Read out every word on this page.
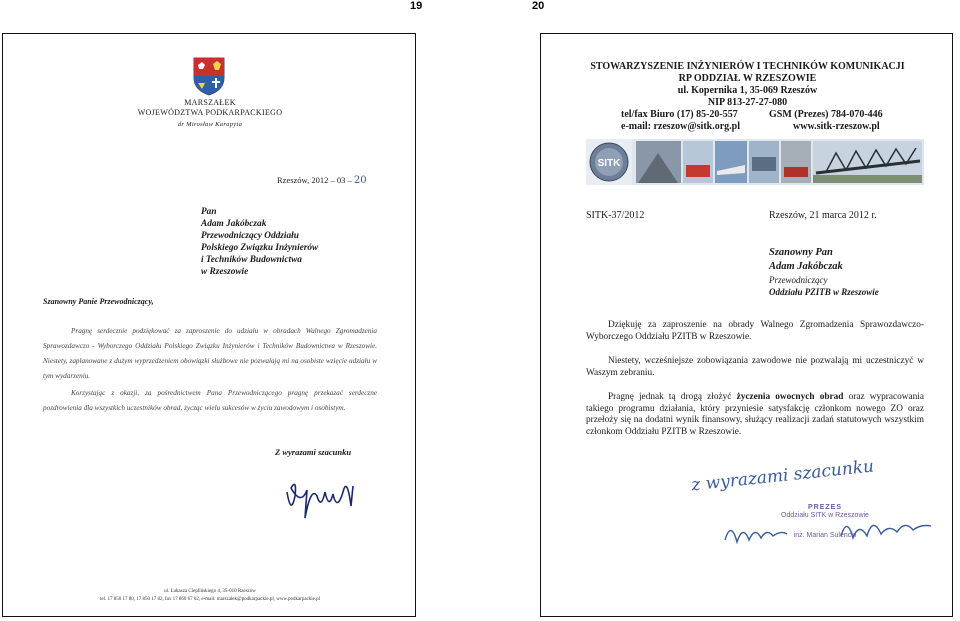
19	20
MARSZAŁEK
WOJEWÓDZTWA PODKARPACKIEGO
dr Mirosław Karapyta
Rzeszów, 2012 – 03 – 20
Pan
Adam Jakóbczak
Przewodniczący Oddziału
Polskiego Związku Inżynierów
i Techników Budownictwa
w Rzeszowie
Szanowny Panie Przewodniczący,
Pragnę serdecznie podziękować za zaproszenie do udziału w obradach Walnego Zgromadzenia Sprawozdawczo - Wyborczego Oddziału Polskiego Związku Inżynierów i Techników Budownictwa w Rzeszowie. Niestety, zaplanowane z dużym wyprzedzeniem obowiązki służbowe nie pozwalają mi na osobiste wzięcie udziału w tym wydarzeniu.
Korzystając z okazji, za pośrednictwem Pana Przewodniczącego pragnę przekazać serdeczne pozdrowienia dla wszystkich uczestników obrad, życząc wielu sukcesów w życiu zawodowym i osobistym.
Z wyrazami szacunku
ul. Łukasza Cieplińskiego 4, 35-010 Rzeszów
tel. 17 850 17 80, 17 850 17 82, fax 17 860 67 02, e-mail: marszalek@podkarpackie.pl, www.podkarpackie.pl
STOWARZYSZENIE INŻYNIERÓW I TECHNIKÓW KOMUNIKACJI
RP ODDZIAŁ W RZESZOWIE
ul. Kopernika 1, 35-069 Rzeszów
NIP 813-27-27-080
tel/fax Biuro (17) 85-20-557	GSM (Prezes) 784-070-446
e-mail: rzeszow@sitk.org.pl	www.sitk-rzeszow.pl
SITK
SITK-37/2012	Rzeszów, 21 marca 2012 r.
Szanowny Pan
Adam Jakóbczak
Przewodniczący
Oddziału PZITB w Rzeszowie
Dziękuję za zaproszenie na obrady Walnego Zgromadzenia Sprawozdawczo-Wyborczego Oddziału PZITB w Rzeszowie.
Niestety, wcześniejsze zobowiązania zawodowe nie pozwalają mi uczestniczyć w Waszym zebraniu.
Pragnę jednak tą drogą złożyć życzenia owocnych obrad oraz wypracowania takiego programu działania, który przyniesie satysfakcję członkom nowego ZO oraz przełoży się na dodatni wynik finansowy, służący realizacji zadań statutowych wszystkim członkom Oddziału PZITB w Rzeszowie.
z wyrazami szacunku
PREZES
Oddziału SITK w Rzeszowie
inż. Marian Sulencki
